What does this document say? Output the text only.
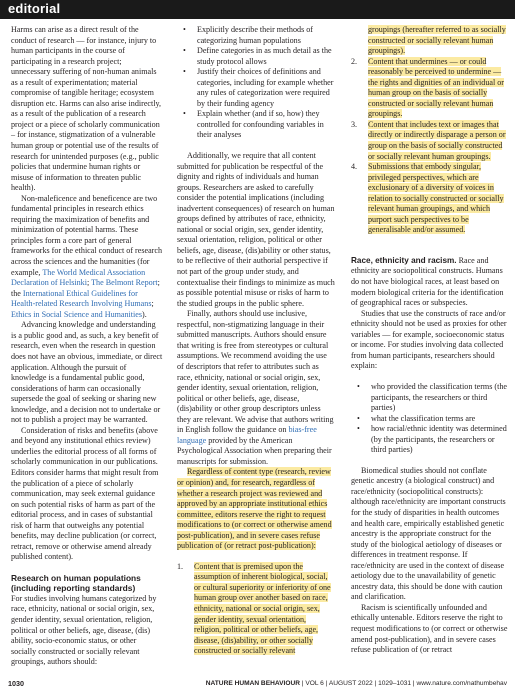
editorial

Harms can arise as a direct result of the conduct of research — for instance, injury to human participants in the course of participating in a research project; unnecessary suffering of non-human animals as a result of experimentation; material compromise of tangible heritage; ecosystem disruption etc. Harms can also arise indirectly, as a result of the publication of a research project or a piece of scholarly communication – for instance, stigmatization of a vulnerable human group or potential use of the results of research for unintended purposes (e.g., public policies that undermine human rights or misuse of information to threaten public health).

Non-maleficence and beneficence are two fundamental principles in research ethics requiring the maximization of benefits and minimization of potential harms. These principles form a core part of general frameworks for the ethical conduct of research across the sciences and the humanities (for example, The World Medical Association Declaration of Helsinki; The Belmont Report; the International Ethical Guidelines for Health-related Research Involving Humans; Ethics in Social Science and Humanities).

Advancing knowledge and understanding is a public good and, as such, a key benefit of research, even when the research in question does not have an obvious, immediate, or direct application. Although the pursuit of knowledge is a fundamental public good, considerations of harm can occasionally supersede the goal of seeking or sharing new knowledge, and a decision not to undertake or not to publish a project may be warranted.

Consideration of risks and benefits (above and beyond any institutional ethics review) underlies the editorial process of all forms of scholarly communication in our publications. Editors consider harms that might result from the publication of a piece of scholarly communication, may seek external guidance on such potential risks of harm as part of the editorial process, and in cases of substantial risk of harm that outweighs any potential benefits, may decline publication (or correct, retract, remove or otherwise amend already published content).

Research on human populations (including reporting standards)

For studies involving humans categorized by race, ethnicity, national or social origin, sex, gender identity, sexual orientation, religion, political or other beliefs, age, disease, (dis) ability, socio-economic status, or other socially constructed or socially relevant groupings, authors should:

• Explicitly describe their methods of categorizing human populations
• Define categories in as much detail as the study protocol allows
• Justify their choices of definitions and categories, including for example whether any rules of categorization were required by their funding agency
• Explain whether (and if so, how) they controlled for confounding variables in their analyses

Additionally, we require that all content submitted for publication be respectful of the dignity and rights of individuals and human groups. Researchers are asked to carefully consider the potential implications (including inadvertent consequences) of research on human groups defined by attributes of race, ethnicity, national or social origin, sex, gender identity, sexual orientation, religion, political or other beliefs, age, disease, (dis)ability or other status, to be reflective of their authorial perspective if not part of the group under study, and contextualise their findings to minimize as much as possible potential misuse or risks of harm to the studied groups in the public sphere.

Finally, authors should use inclusive, respectful, non-stigmatizing language in their submitted manuscripts. Authors should ensure that writing is free from stereotypes or cultural assumptions. We recommend avoiding the use of descriptors that refer to attributes such as race, ethnicity, national or social origin, sex, gender identity, sexual orientation, religion, political or other beliefs, age, disease, (dis)ability or other group descriptors unless they are relevant. We advise that authors writing in English follow the guidance on bias-free language provided by the American Psychological Association when preparing their manuscripts for submission.

Regardless of content type (research, review or opinion) and, for research, regardless of whether a research project was reviewed and approved by an appropriate institutional ethics committee, editors reserve the right to request modifications to (or correct or otherwise amend post-publication), and in severe cases refuse publication of (or retract post-publication):

1. Content that is premised upon the assumption of inherent biological, social, or cultural superiority or inferiority of one human group over another based on race, ethnicity, national or social origin, sex, gender identity, sexual orientation, religion, political or other beliefs, age, disease, (dis)ability, or other socially constructed or socially relevant
groupings (hereafter referred to as socially constructed or socially relevant human groupings).
2. Content that undermines — or could reasonably be perceived to undermine — the rights and dignities of an individual or human group on the basis of socially constructed or socially relevant human groupings.
3. Content that includes text or images that directly or indirectly disparage a person or group on the basis of socially constructed or socially relevant human groupings.
4. Submissions that embody singular, privileged perspectives, which are exclusionary of a diversity of voices in relation to socially constructed or socially relevant human groupings, and which purport such perspectives to be generalisable and/or assumed.

Race, ethnicity and racism. Race and ethnicity are sociopolitical constructs. Humans do not have biological races, at least based on modern biological criteria for the identification of geographical races or subspecies.

Studies that use the constructs of race and/or ethnicity should not be used as proxies for other variables — for example, socioeconomic status or income. For studies involving data collected from human participants, researchers should explain:

• who provided the classification terms (the participants, the researchers or third parties)
• what the classification terms are
• how racial/ethnic identity was determined (by the participants, the researchers or third parties)

Biomedical studies should not conflate genetic ancestry (a biological construct) and race/ethnicity (sociopolitical constructs): although race/ethnicity are important constructs for the study of disparities in health outcomes and health care, empirically established genetic ancestry is the appropriate construct for the study of the biological aetiology of diseases or differences in treatment response. If race/ethnicity are used in the context of disease aetiology due to the unavailability of genetic ancestry data, this should be done with caution and clarification.

Racism is scientifically unfounded and ethically untenable. Editors reserve the right to request modifications to (or correct or otherwise amend post-publication), and in severe cases refuse publication of (or retract

1030	NATURE HUMAN BEHAVIOUR | VOL 6 | AUGUST 2022 | 1029–1031 | www.nature.com/nathumbehav
